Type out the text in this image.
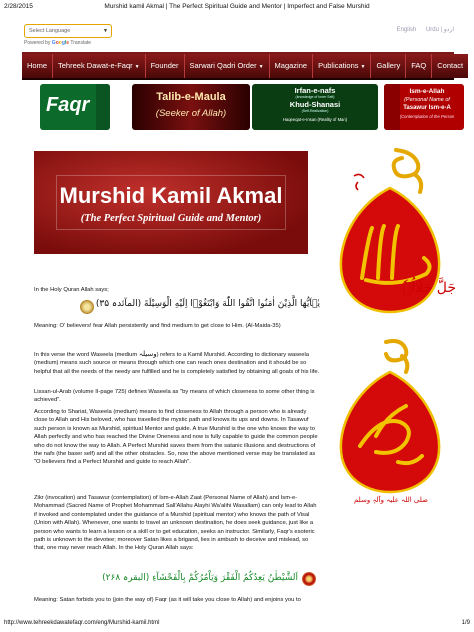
2/28/2015	Murshid kamil Akmal | The Perfect Spiritual Guide and Mentor | Imperfect and False Murshid
Select Language	▼
Powered by Google Translate
English Urdu | اردو
Home	Tehreek Dawat-e-Faqr ▼	Founder	Sarwari Qadri Order ▼	Magazine	Publications ▼	Gallery	FAQ	Contact
Faqr	Talib-e-Maula
(Seeker of Allah)
Irfan-e-nafs
(knowledge of Inner Self)
Khud-Shanasi
(Self-Realization)
Haqeeqat-e-Insan (Reality of Man)
Ism-e-Allah
(Personal Name of
Tasawur Ism-e-A
(Contemplation of the Person
Murshid Kamil Akmal
(The Perfect Spiritual Guide and Mentor)
جَلَّ جَلَالُہٗ
صلی اللہ علیہ وآلہٖ وسلم

In the Holy Quran Allah says;

يٰۤاَيُّهَا الَّذِيْنَ اٰمَنُوا اتَّقُوا اللّٰهَ وَابْتَغُوْۤا اِلَيْهِ الْوَسِيْلَةَ (المآئدہ ۳۵)

Meaning: O' believers! fear Allah persistently and find medium to get close to Him. (Al-Maida-35)

In this verse the word Waseela (medium وسیلہ) refers to a Kamil Murshid. According to dictionary waseela (medium) means such source or means through which one can reach ones destination and it should be so helpful that all the needs of the needy are fulfilled and he is completely satisfied by obtaining all goals of his life.

Lissan-ul-Arab (volume II-page 725) defines Waseela as "by means of which closeness to some other thing is achieved".

According to Shariat, Waseela (medium) means to find closeness to Allah through a person who is already close to Allah and His beloved, who has travelled the mystic path and knows its ups and downs. In Tasawuf such person is known as Murshid, spiritual Mentor and guide. A true Murshid is the one who knows the way to Allah perfectly and who has reached the Divine Oneness and now is fully capable to guide the common people who do not know the way to Allah. A Perfect Murshid saves them from the satanic illusions and destructions of the nafs (the baser self) and all the other obstacles. So, now the above mentioned verse may be translated as "O believers find a Perfect Murshid and guide to reach Allah".

Zikr (invocation) and Tasawur (contemplation) of Ism-e-Allah Zaat (Personal Name of Allah) and Ism-e-Mohammad (Sacred Name of Prophet Mohammad Sall'Allahu Alayhi Wa'alihi Wasallam) can only lead to Allah if invoked and contemplated under the guidance of a Murshid (spiritual mentor) who knows the path of Visal (Union with Allah). Whenever, one wants to travel an unknown destination, he does seek guidance, just like a person who wants to learn a lesson or a skill or to get education, seeks an instructor. Similarly, Faqr's esoteric path is unknown to the devotee; moreover Satan likes a brigand, lies in ambush to deceive and mislead, so that, one may never reach Allah. In the Holy Quran Allah says:

اَلشَّيْطٰنُ يَعِدُكُمُ الْفَقْرَ وَيَاْمُرُكُمْ بِالْفَحْشَآءِ (البقرہ ۲۶۸)

Meaning: Satan forbids you to (join the way of) Faqr (as it will take you close to Allah) and enjoins you to

http://www.tehreekdawatefaqr.com/eng/Murshid-kamil.html	1/9
